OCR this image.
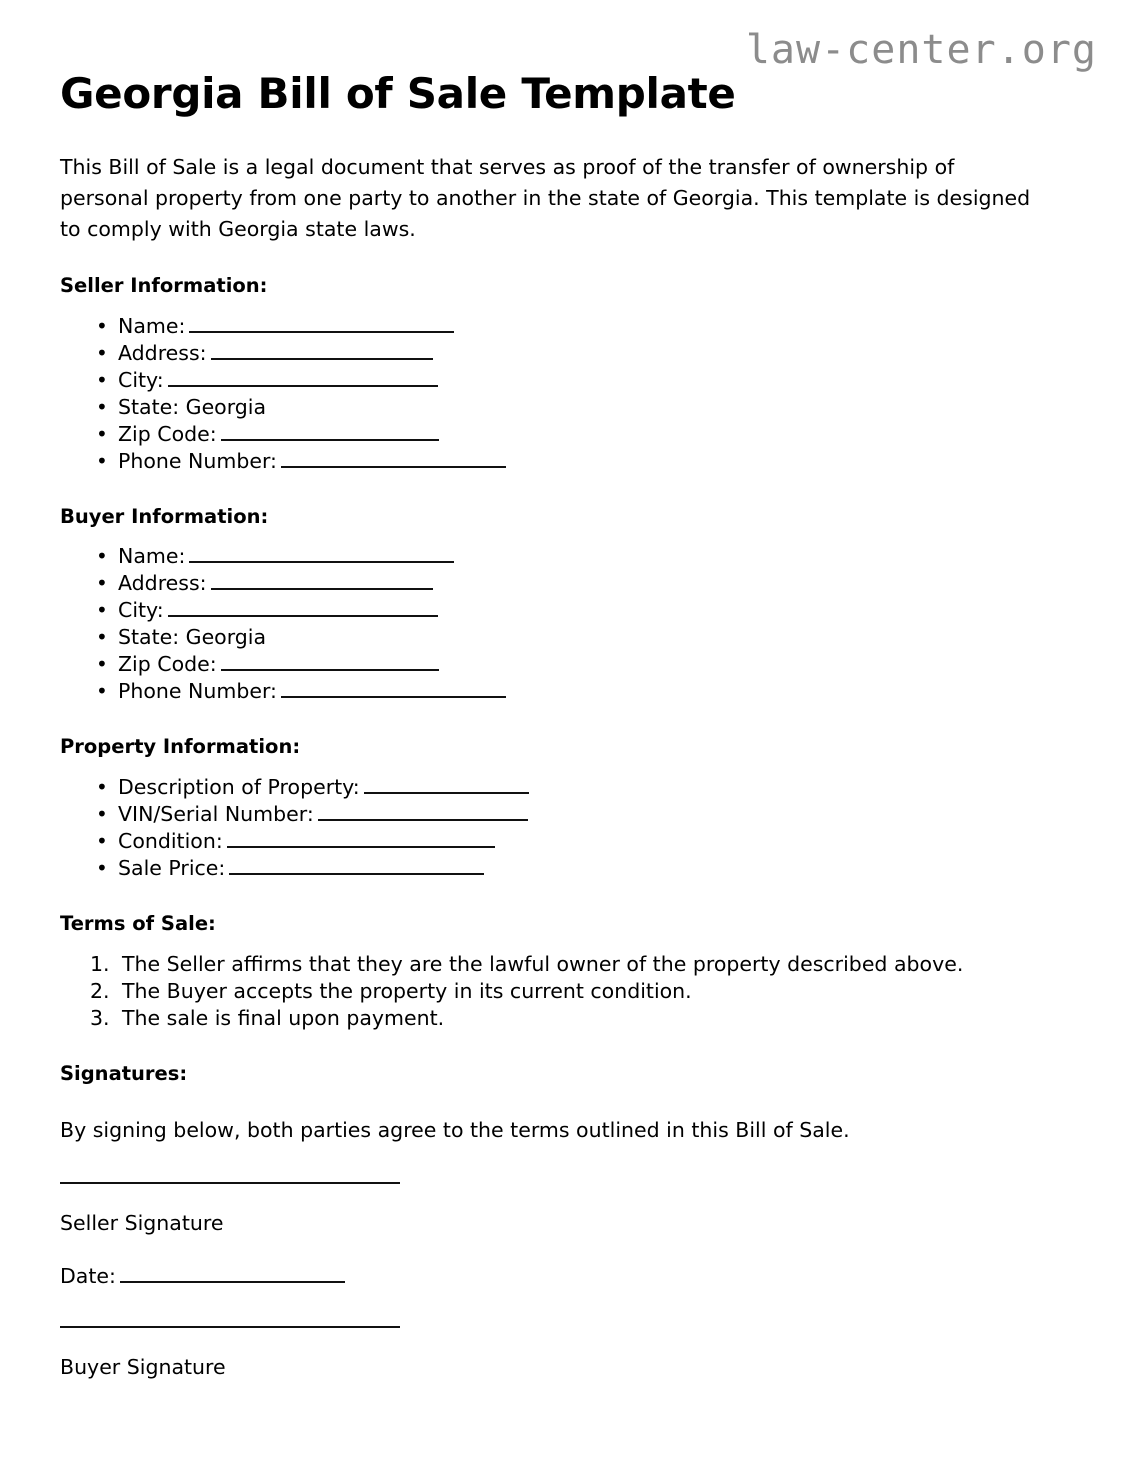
law-center.org
Georgia Bill of Sale Template

This Bill of Sale is a legal document that serves as proof of the transfer of ownership of personal property from one party to another in the state of Georgia. This template is designed to comply with Georgia state laws.

Seller Information:
• Name:
• Address:
• City:
• State: Georgia
• Zip Code:
• Phone Number:
Buyer Information:
• Name:
• Address:
• City:
• State: Georgia
• Zip Code:
• Phone Number:
Property Information:
• Description of Property:
• VIN/Serial Number:
• Condition:
• Sale Price:
Terms of Sale:
1. The Seller affirms that they are the lawful owner of the property described above.
2. The Buyer accepts the property in its current condition.
3. The sale is final upon payment.
Signatures:

By signing below, both parties agree to the terms outlined in this Bill of Sale.

Seller Signature
Date:
Buyer Signature
